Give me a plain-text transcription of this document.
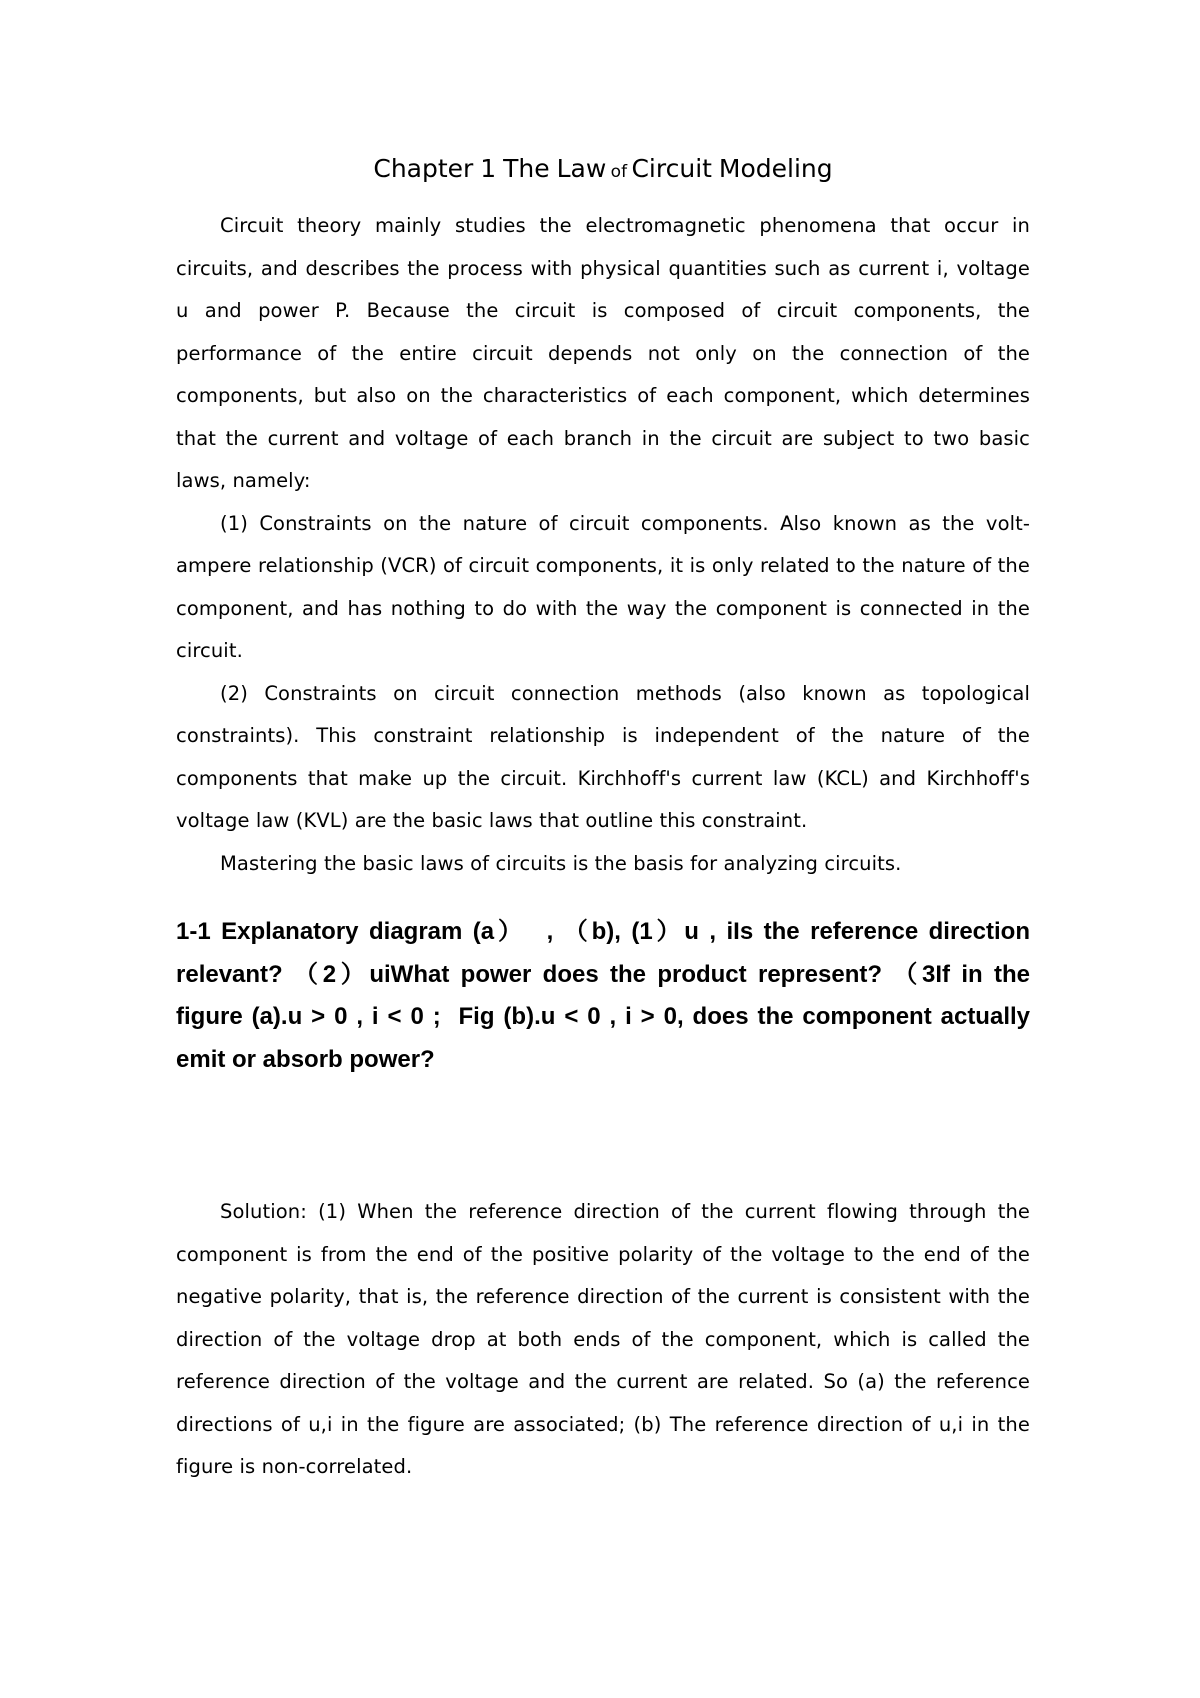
Chapter 1 The Law of Circuit Modeling

Circuit theory mainly studies the electromagnetic phenomena that occur in circuits, and describes the process with physical quantities such as current i, voltage u and power P. Because the circuit is composed of circuit components, the performance of the entire circuit depends not only on the connection of the components, but also on the characteristics of each component, which determines that the current and voltage of each branch in the circuit are subject to two basic laws, namely:

(1) Constraints on the nature of circuit components. Also known as the volt-ampere relationship (VCR) of circuit components, it is only related to the nature of the component, and has nothing to do with the way the component is connected in the circuit.

(2) Constraints on circuit connection methods (also known as topological constraints). This constraint relationship is independent of the nature of the components that make up the circuit. Kirchhoff's current law (KCL) and Kirchhoff's voltage law (KVL) are the basic laws that outline this constraint.

Mastering the basic laws of circuits is the basis for analyzing circuits.

1-1 Explanatory diagram (a）  , （b), (1）u , iIs the reference direction relevant? （2）uiWhat power does the product represent? （3If in the figure (a).u > 0 , i < 0 ;  Fig (b).u < 0 , i > 0, does the component actually emit or absorb power?

Solution: (1) When the reference direction of the current flowing through the component is from the end of the positive polarity of the voltage to the end of the negative polarity, that is, the reference direction of the current is consistent with the direction of the voltage drop at both ends of the component, which is called the reference direction of the voltage and the current are related. So (a) the reference directions of u,i in the figure are associated; (b) The reference direction of u,i in the figure is non-correlated.
